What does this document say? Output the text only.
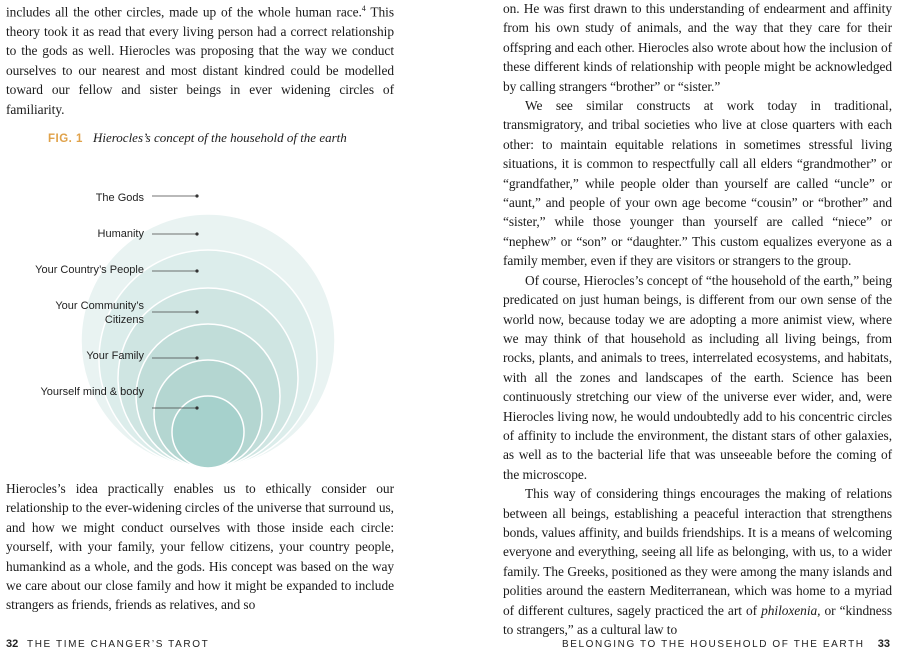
includes all the other circles, made up of the whole human race.$^4$ This theory took it as read that every living person had a correct relationship to the gods as well. Hierocles was proposing that the way we conduct ourselves to our nearest and most distant kindred could be modelled toward our fellow and sister beings in ever widening circles of familiarity.

FIG. 1 Hierocles’s concept of the household of the earth
The Gods
Humanity
Your Country’s People
Your Community’s
Citizens
Your Family
Yourself mind & body

Hierocles’s idea practically enables us to ethically consider our relationship to the ever-widening circles of the universe that surround us, and how we might conduct ourselves with those inside each circle: yourself, with your family, your fellow citizens, your country people, humankind as a whole, and the gods. His concept was based on the way we care about our close family and how it might be expanded to include strangers as friends, friends as relatives, and so

32 THE TIME CHANGER’S TAROT

on. He was first drawn to this understanding of endearment and affinity from his own study of animals, and the way that they care for their offspring and each other. Hierocles also wrote about how the inclusion of these different kinds of relationship with people might be acknowledged by calling strangers “brother” or “sister.”

We see similar constructs at work today in traditional, transmigratory, and tribal societies who live at close quarters with each other: to maintain equitable relations in sometimes stressful living situations, it is common to respectfully call all elders “grandmother” or “grandfather,” while people older than yourself are called “uncle” or “aunt,” and people of your own age become “cousin” or “brother” and “sister,” while those younger than yourself are called “niece” or “nephew” or “son” or “daughter.” This custom equalizes everyone as a family member, even if they are visitors or strangers to the group.

Of course, Hierocles’s concept of “the household of the earth,” being predicated on just human beings, is different from our own sense of the world now, because today we are adopting a more animist view, where we may think of that household as including all living beings, from rocks, plants, and animals to trees, interrelated ecosystems, and habitats, with all the zones and landscapes of the earth. Science has been continuously stretching our view of the universe ever wider, and, were Hierocles living now, he would undoubtedly add to his concentric circles of affinity to include the environment, the distant stars of other galaxies, as well as to the bacterial life that was unseeable before the coming of the microscope.

This way of considering things encourages the making of relations between all beings, establishing a peaceful interaction that strengthens bonds, values affinity, and builds friendships. It is a means of welcoming everyone and everything, seeing all life as belonging, with us, to a wider family. The Greeks, positioned as they were among the many islands and polities around the eastern Mediterranean, which was home to a myriad of different cultures, sagely practiced the art of philoxenia, or “kindness to strangers,” as a cultural law to

BELONGING TO THE HOUSEHOLD OF THE EARTH 33
